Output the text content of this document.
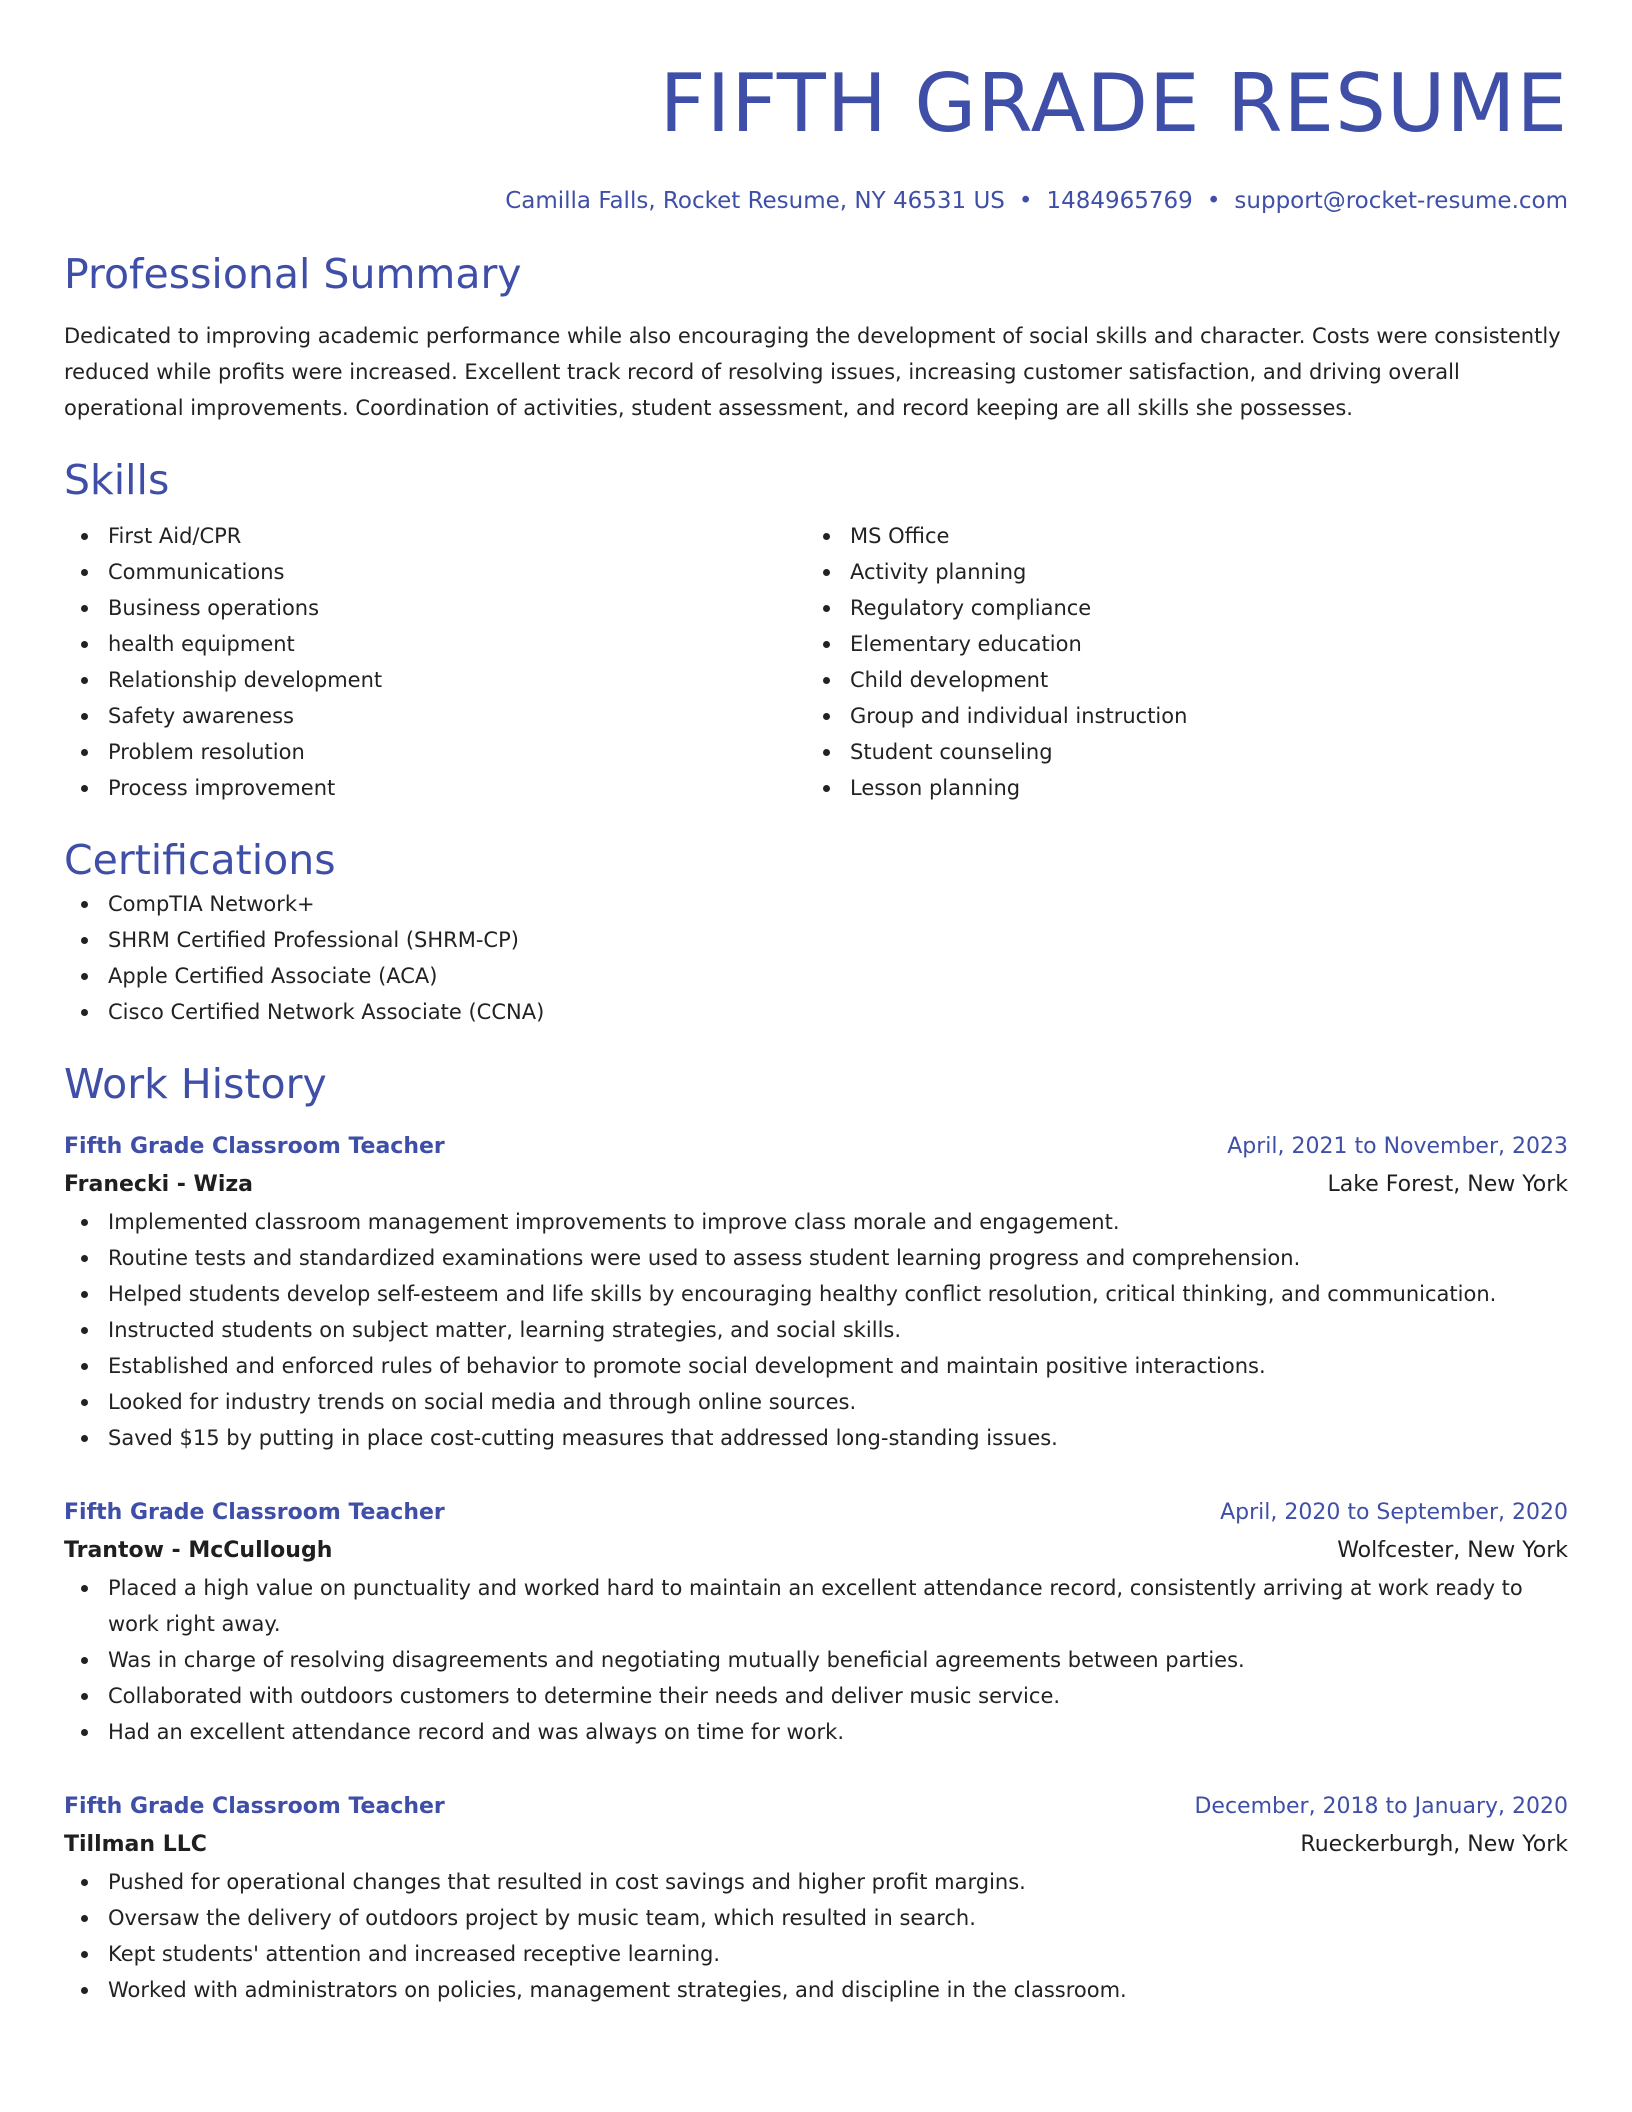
FIFTH GRADE RESUME
Camilla Falls, Rocket Resume, NY 46531 US • 1484965769 • support@rocket-resume.com
Professional Summary
Dedicated to improving academic performance while also encouraging the development of social skills and character. Costs were consistently reduced while profits were increased. Excellent track record of resolving issues, increasing customer satisfaction, and driving overall operational improvements. Coordination of activities, student assessment, and record keeping are all skills she possesses.
Skills
First Aid/CPR
Communications
Business operations
health equipment
Relationship development
Safety awareness
Problem resolution
Process improvement
MS Office
Activity planning
Regulatory compliance
Elementary education
Child development
Group and individual instruction
Student counseling
Lesson planning
Certifications
CompTIA Network+
SHRM Certified Professional (SHRM-CP)
Apple Certified Associate (ACA)
Cisco Certified Network Associate (CCNA)
Work History
Fifth Grade Classroom Teacher	April, 2021 to November, 2023
Franecki - Wiza	Lake Forest, New York
Implemented classroom management improvements to improve class morale and engagement.
Routine tests and standardized examinations were used to assess student learning progress and comprehension.
Helped students develop self-esteem and life skills by encouraging healthy conflict resolution, critical thinking, and communication.
Instructed students on subject matter, learning strategies, and social skills.
Established and enforced rules of behavior to promote social development and maintain positive interactions.
Looked for industry trends on social media and through online sources.
Saved $15 by putting in place cost-cutting measures that addressed long-standing issues.
Fifth Grade Classroom Teacher	April, 2020 to September, 2020
Trantow - McCullough	Wolfcester, New York
Placed a high value on punctuality and worked hard to maintain an excellent attendance record, consistently arriving at work ready to work right away.
Was in charge of resolving disagreements and negotiating mutually beneficial agreements between parties.
Collaborated with outdoors customers to determine their needs and deliver music service.
Had an excellent attendance record and was always on time for work.
Fifth Grade Classroom Teacher	December, 2018 to January, 2020
Tillman LLC	Rueckerburgh, New York
Pushed for operational changes that resulted in cost savings and higher profit margins.
Oversaw the delivery of outdoors project by music team, which resulted in search.
Kept students' attention and increased receptive learning.
Worked with administrators on policies, management strategies, and discipline in the classroom.
